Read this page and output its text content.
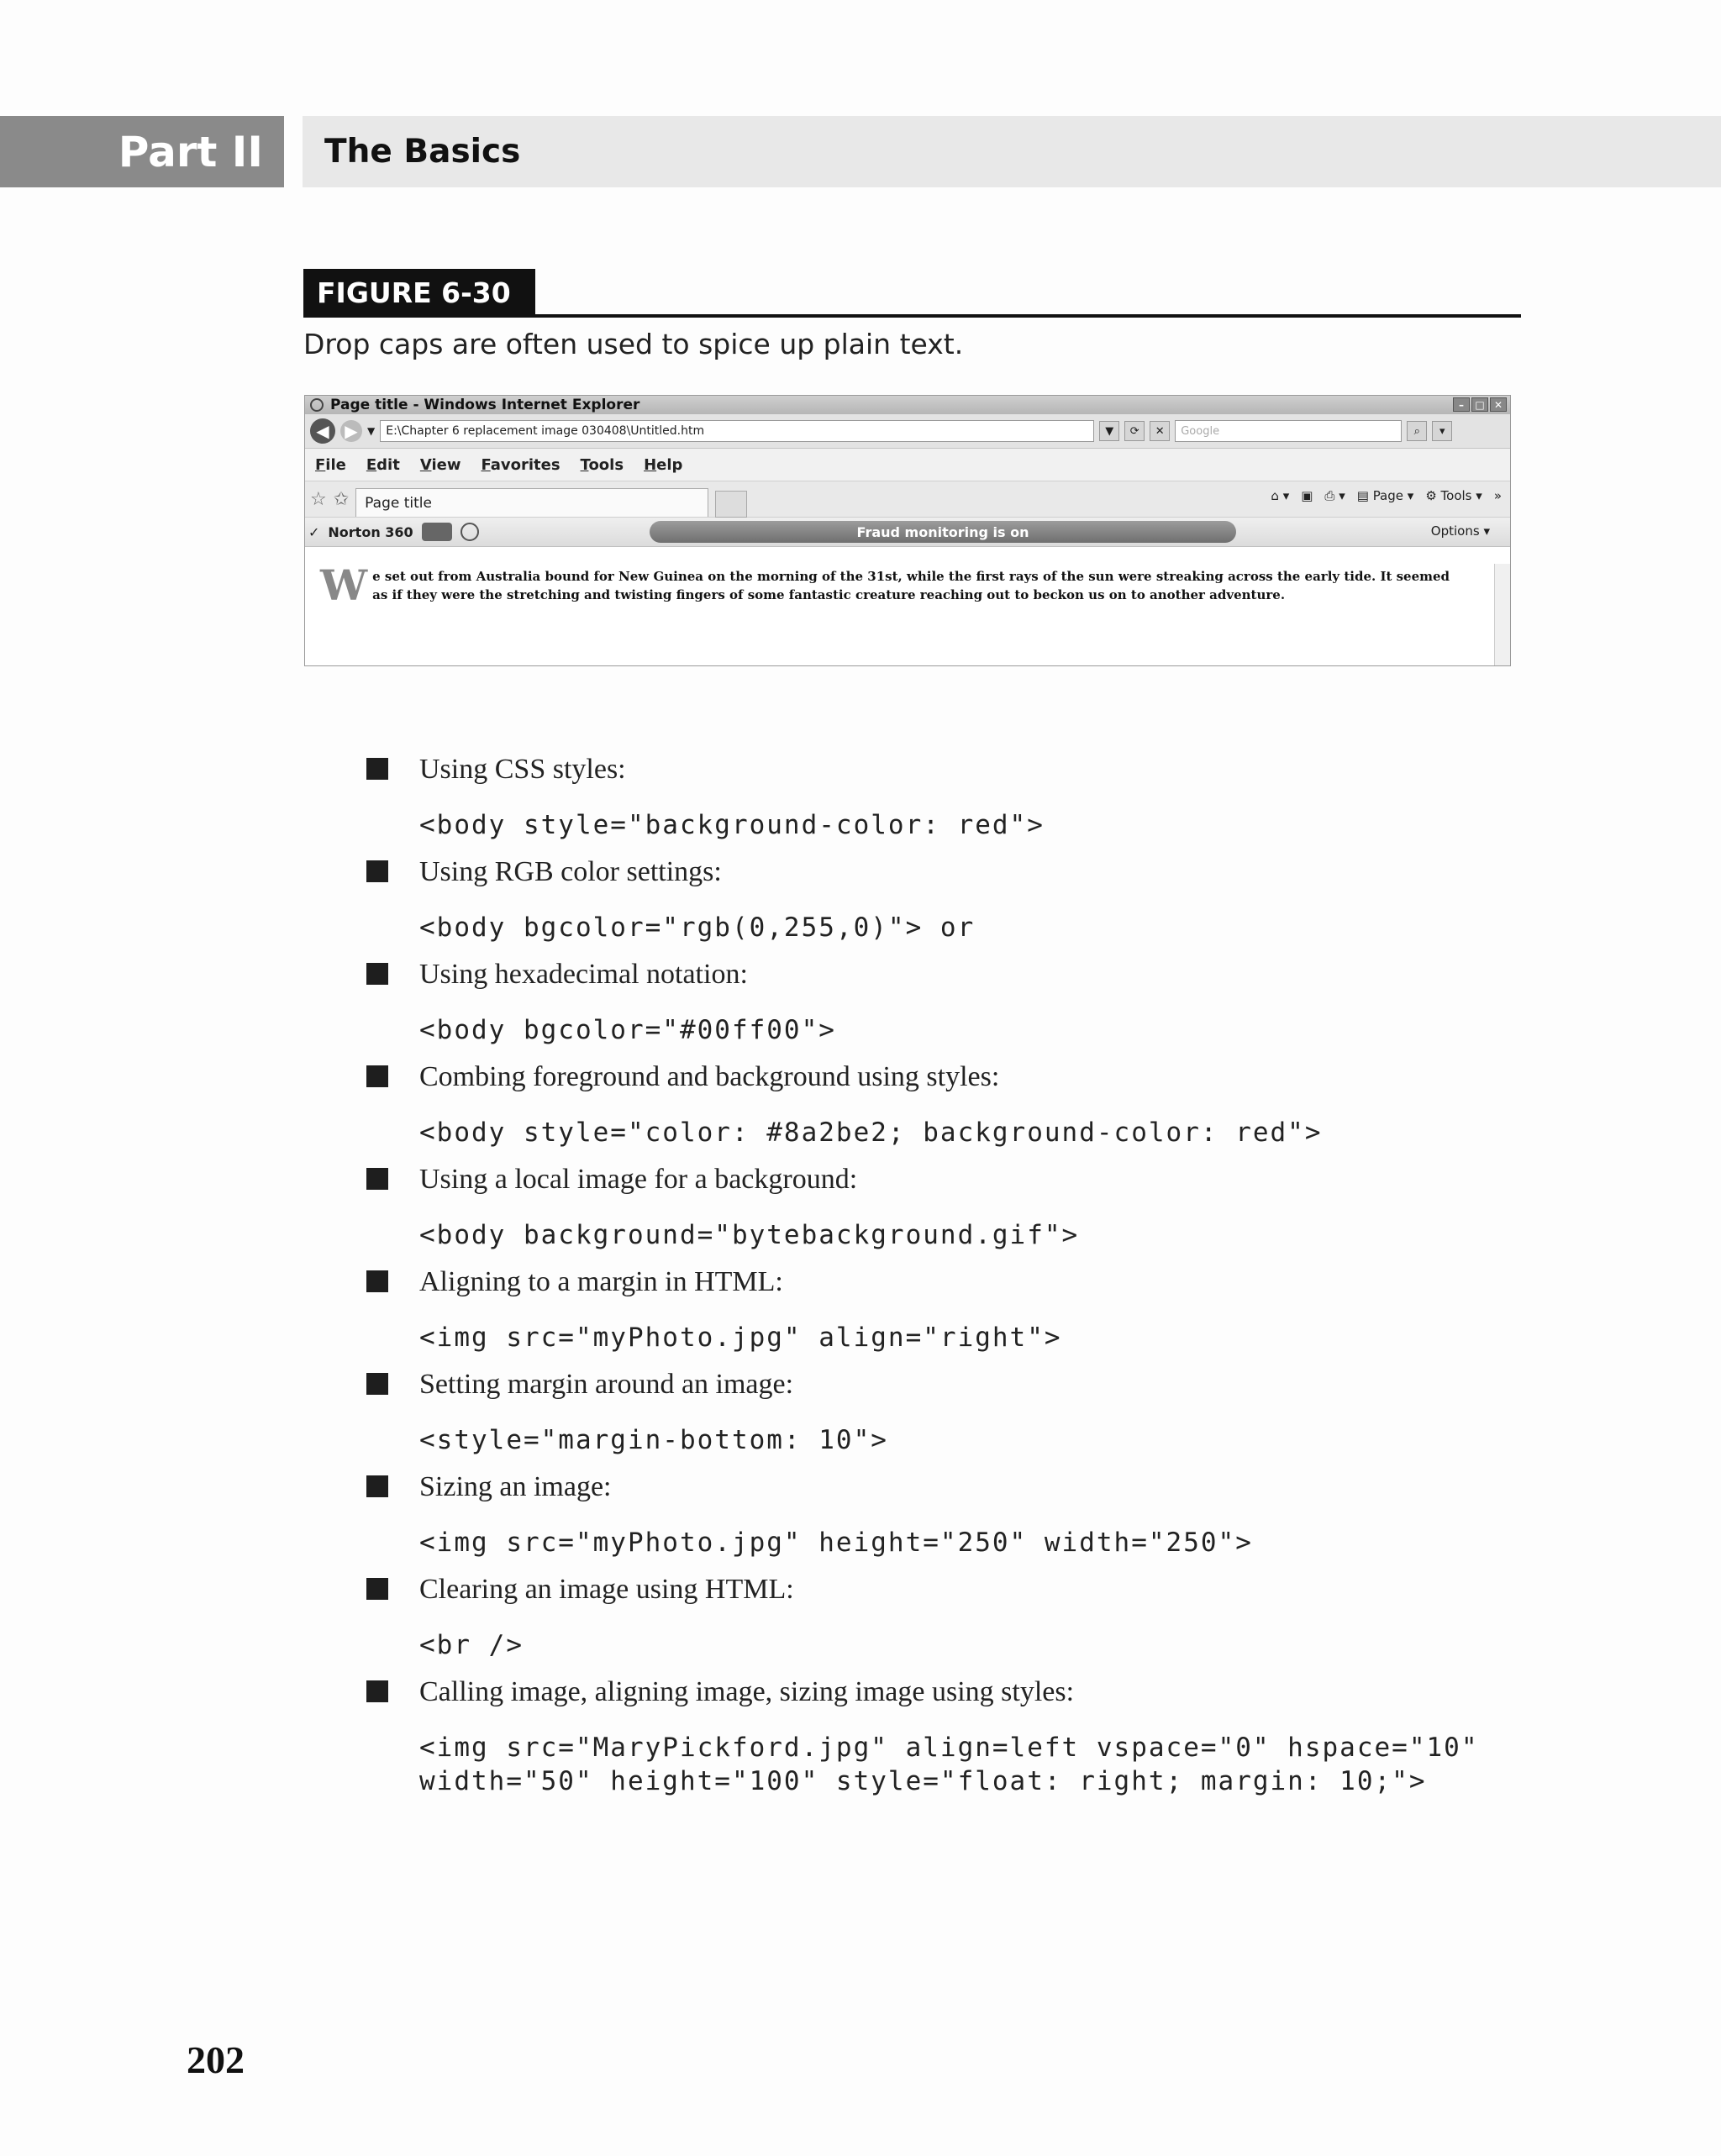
Part II	The Basics
FIGURE 6-30
Drop caps are often used to spice up plain text.
Page title - Windows Internet Explorer	–	□ ✕
◀ ▶ ▼ E:\Chapter 6 replacement image 030408\Untitled.htm	▼	⟳	✕	Google	⌕	▾
File Edit View Favorites Tools Help
☆ ✩ Page title	⌂ ▾ ▣ ⎙ ▾ ▤ Page ▾ ⚙ Tools ▾ »
✓ Norton 360	Fraud monitoring is on	Options ▾
W e set out from Australia bound for New Guinea on the morning of the 31st, while the first rays of the sun were streaking across the early tide. It seemed as if they were the stretching and twisting fingers of some fantastic creature reaching out to beckon us on to another adventure.
Using CSS styles:
<body style="background-color: red">
Using RGB color settings:
<body bgcolor="rgb(0,255,0)"> or
Using hexadecimal notation:
<body bgcolor="#00ff00">
Combing foreground and background using styles:
<body style="color: #8a2be2; background-color: red">
Using a local image for a background:
<body background="bytebackground.gif">
Aligning to a margin in HTML:
<img src="myPhoto.jpg" align="right">
Setting margin around an image:
<style="margin-bottom: 10">
Sizing an image:
<img src="myPhoto.jpg" height="250" width="250">
Clearing an image using HTML:
<br />
Calling image, aligning image, sizing image using styles:
<img src="MaryPickford.jpg" align=left vspace="0" hspace="10"
width="50" height="100" style="float: right; margin: 10;">
202
